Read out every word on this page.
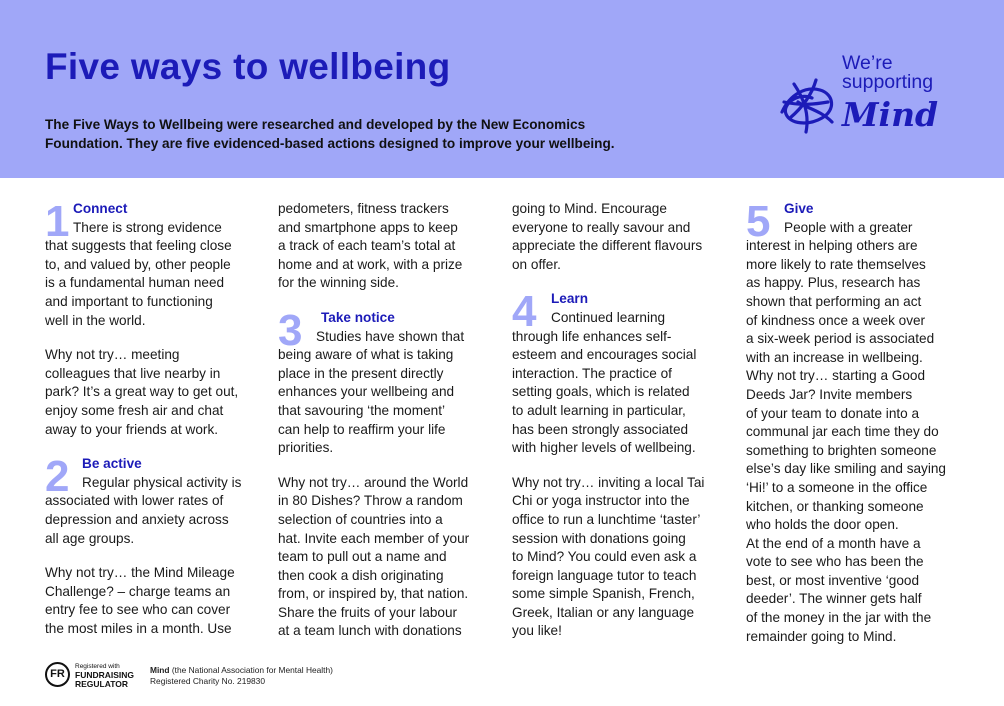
Five ways to wellbeing
The Five Ways to Wellbeing were researched and developed by the New Economics
Foundation. They are five evidenced-based actions designed to improve your wellbeing.
We’re
supporting
Mind
1 Connect
There is strong evidence
that suggests that feeling close
to, and valued by, other people
is a fundamental human need
and important to functioning
well in the world.
Why not try… meeting
colleagues that live nearby in
park? It’s a great way to get out,
enjoy some fresh air and chat
away to your friends at work.
2 Be active
Regular physical activity is
associated with lower rates of
depression and anxiety across
all age groups.
Why not try… the Mind Mileage
Challenge? – charge teams an
entry fee to see who can cover
the most miles in a month. Use
pedometers, fitness trackers
and smartphone apps to keep
a track of each team’s total at
home and at work, with a prize
for the winning side.
3	Take notice
Studies have shown that
being aware of what is taking
place in the present directly
enhances your wellbeing and
that savouring ‘the moment’
can help to reaffirm your life
priorities.
Why not try… around the World
in 80 Dishes? Throw a random
selection of countries into a
hat. Invite each member of your
team to pull out a name and
then cook a dish originating
from, or inspired by, that nation.
Share the fruits of your labour
at a team lunch with donations
going to Mind. Encourage
everyone to really savour and
appreciate the different flavours
on offer.
4	Learn
Continued learning
through life enhances self-
esteem and encourages social
interaction. The practice of
setting goals, which is related
to adult learning in particular,
has been strongly associated
with higher levels of wellbeing.
Why not try… inviting a local Tai
Chi or yoga instructor into the
office to run a lunchtime ‘taster’
session with donations going
to Mind? You could even ask a
foreign language tutor to teach
some simple Spanish, French,
Greek, Italian or any language
you like!
5 Give
People with a greater
interest in helping others are
more likely to rate themselves
as happy. Plus, research has
shown that performing an act
of kindness once a week over
a six-week period is associated
with an increase in wellbeing.
Why not try… starting a Good
Deeds Jar? Invite members
of your team to donate into a
communal jar each time they do
something to brighten someone
else’s day like smiling and saying
‘Hi!’ to a someone in the office
kitchen, or thanking someone
who holds the door open.
At the end of a month have a
vote to see who has been the
best, or most inventive ‘good
deeder’. The winner gets half
of the money in the jar with the
remainder going to Mind.
FR
Registered with
FUNDRAISING
REGULATOR
Mind (the National Association for Mental Health)
Registered Charity No. 219830
